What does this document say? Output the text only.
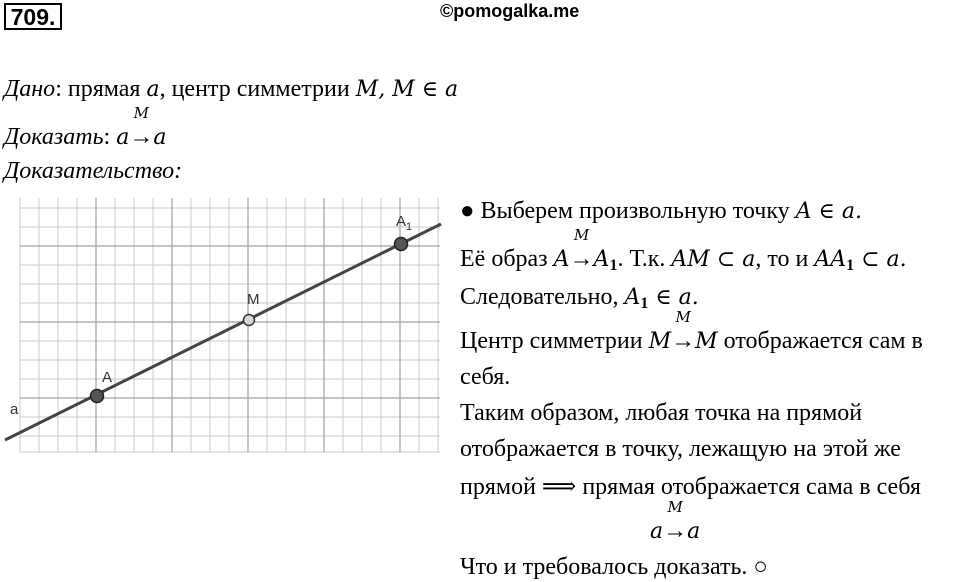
709.	©pomogalka.me
Дано: прямая a, центр симметрии M, M ∈ a
Доказать: a
M
→a
Доказательство:
A
M
$A_1$
a
● Выберем произвольную точку A ∈ a.
Её образ A
M
$\to A_1$. Т.к. AM ⊂ a, то и $AA_1$ ⊂ a.
Следовательно, $A_1$ ∈ a.
Центр симметрии M
M
→M отображается сам в
себя.
Таким образом, любая точка на прямой
отображается в точку, лежащую на этой же
прямой ⟹ прямая отображается сама в себя
a
M
→a
Что и требовалось доказать. ○
